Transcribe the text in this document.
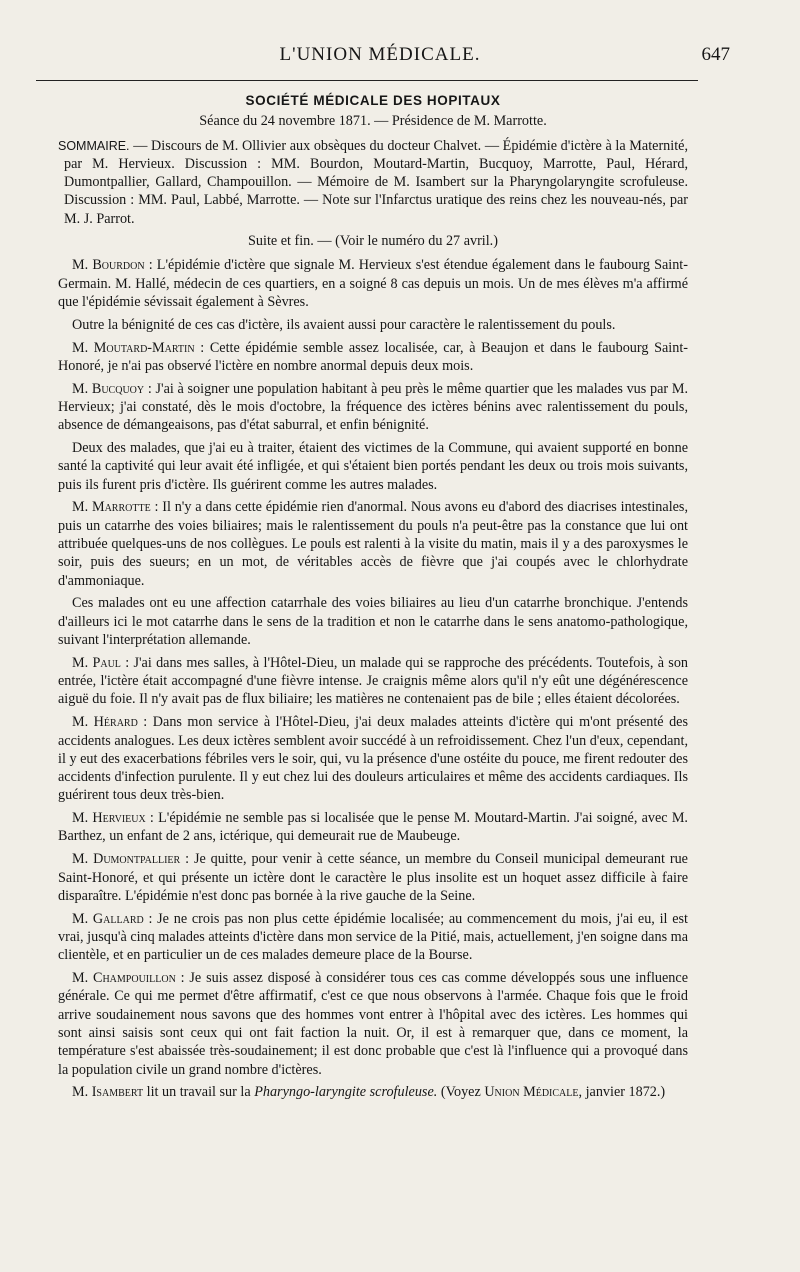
L'UNION MÉDICALE.	647
SOCIÉTÉ MÉDICALE DES HOPITAUX
Séance du 24 novembre 1871. — Présidence de M. Marrotte.
SOMMAIRE. — Discours de M. Ollivier aux obsèques du docteur Chalvet. — Épidémie d'ictère à la Maternité, par M. Hervieux. Discussion : MM. Bourdon, Moutard-Martin, Bucquoy, Marrotte, Paul, Hérard, Dumontpallier, Gallard, Champouillon. — Mémoire de M. Isambert sur la Pharyngolaryngite scrofuleuse. Discussion : MM. Paul, Labbé, Marrotte. — Note sur l'Infarctus uratique des reins chez les nouveau-nés, par M. J. Parrot.
Suite et fin. — (Voir le numéro du 27 avril.)

M. Bourdon : L'épidémie d'ictère que signale M. Hervieux s'est étendue également dans le faubourg Saint-Germain. M. Hallé, médecin de ces quartiers, en a soigné 8 cas depuis un mois. Un de mes élèves m'a affirmé que l'épidémie sévissait également à Sèvres.

Outre la bénignité de ces cas d'ictère, ils avaient aussi pour caractère le ralentissement du pouls.

M. Moutard-Martin : Cette épidémie semble assez localisée, car, à Beaujon et dans le faubourg Saint-Honoré, je n'ai pas observé l'ictère en nombre anormal depuis deux mois.

M. Bucquoy : J'ai à soigner une population habitant à peu près le même quartier que les malades vus par M. Hervieux; j'ai constaté, dès le mois d'octobre, la fréquence des ictères bénins avec ralentissement du pouls, absence de démangeaisons, pas d'état saburral, et enfin bénignité.

Deux des malades, que j'ai eu à traiter, étaient des victimes de la Commune, qui avaient supporté en bonne santé la captivité qui leur avait été infligée, et qui s'étaient bien portés pendant les deux ou trois mois suivants, puis ils furent pris d'ictère. Ils guérirent comme les autres malades.

M. Marrotte : Il n'y a dans cette épidémie rien d'anormal. Nous avons eu d'abord des diacrises intestinales, puis un catarrhe des voies biliaires; mais le ralentissement du pouls n'a peut-être pas la constance que lui ont attribuée quelques-uns de nos collègues. Le pouls est ralenti à la visite du matin, mais il y a des paroxysmes le soir, puis des sueurs; en un mot, de véritables accès de fièvre que j'ai coupés avec le chlorhydrate d'ammoniaque.

Ces malades ont eu une affection catarrhale des voies biliaires au lieu d'un catarrhe bronchique. J'entends d'ailleurs ici le mot catarrhe dans le sens de la tradition et non le catarrhe dans le sens anatomo-pathologique, suivant l'interprétation allemande.

M. Paul : J'ai dans mes salles, à l'Hôtel-Dieu, un malade qui se rapproche des précédents. Toutefois, à son entrée, l'ictère était accompagné d'une fièvre intense. Je craignis même alors qu'il n'y eût une dégénérescence aiguë du foie. Il n'y avait pas de flux biliaire; les matières ne contenaient pas de bile ; elles étaient décolorées.

M. Hérard : Dans mon service à l'Hôtel-Dieu, j'ai deux malades atteints d'ictère qui m'ont présenté des accidents analogues. Les deux ictères semblent avoir succédé à un refroidissement. Chez l'un d'eux, cependant, il y eut des exacerbations fébriles vers le soir, qui, vu la présence d'une ostéite du pouce, me firent redouter des accidents d'infection purulente. Il y eut chez lui des douleurs articulaires et même des accidents cardiaques. Ils guérirent tous deux très-bien.

M. Hervieux : L'épidémie ne semble pas si localisée que le pense M. Moutard-Martin. J'ai soigné, avec M. Barthez, un enfant de 2 ans, ictérique, qui demeurait rue de Maubeuge.

M. Dumontpallier : Je quitte, pour venir à cette séance, un membre du Conseil municipal demeurant rue Saint-Honoré, et qui présente un ictère dont le caractère le plus insolite est un hoquet assez difficile à faire disparaître. L'épidémie n'est donc pas bornée à la rive gauche de la Seine.

M. Gallard : Je ne crois pas non plus cette épidémie localisée; au commencement du mois, j'ai eu, il est vrai, jusqu'à cinq malades atteints d'ictère dans mon service de la Pitié, mais, actuellement, j'en soigne dans ma clientèle, et en particulier un de ces malades demeure place de la Bourse.

M. Champouillon : Je suis assez disposé à considérer tous ces cas comme développés sous une influence générale. Ce qui me permet d'être affirmatif, c'est ce que nous observons à l'armée. Chaque fois que le froid arrive soudainement nous savons que des hommes vont entrer à l'hôpital avec des ictères. Les hommes qui sont ainsi saisis sont ceux qui ont fait faction la nuit. Or, il est à remarquer que, dans ce moment, la température s'est abaissée très-soudainement; il est donc probable que c'est là l'influence qui a provoqué dans la population civile un grand nombre d'ictères.

M. Isambert lit un travail sur la Pharyngo-laryngite scrofuleuse. (Voyez Union Médicale, janvier 1872.)
